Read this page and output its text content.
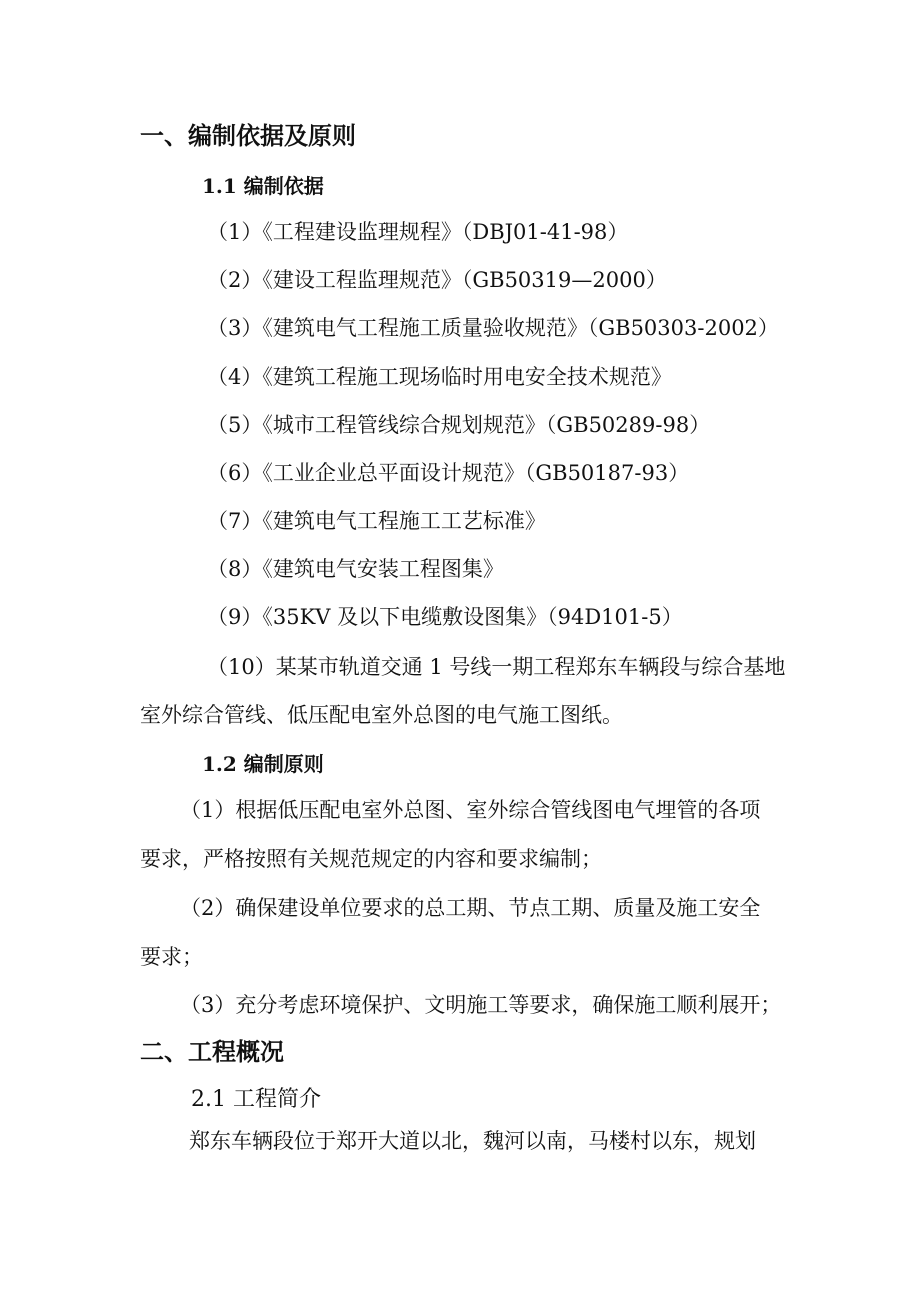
一、编制依据及原则
1.1 编制依据
（1）《工程建设监理规程》（DBJ01-41-98）
（2）《建设工程监理规范》（GB50319—2000）
（3）《建筑电气工程施工质量验收规范》（GB50303-2002）
（4）《建筑工程施工现场临时用电安全技术规范》
（5）《城市工程管线综合规划规范》（GB50289-98）
（6）《工业企业总平面设计规范》（GB50187-93）
（7）《建筑电气工程施工工艺标准》
（8）《建筑电气安装工程图集》
（9）《35KV 及以下电缆敷设图集》（94D101-5）
（10）某某市轨道交通 1 号线一期工程郑东车辆段与综合基地
室外综合管线、低压配电室外总图的电气施工图纸。
1.2 编制原则
（1）根据低压配电室外总图、室外综合管线图电气埋管的各项
要求，严格按照有关规范规定的内容和要求编制；
（2）确保建设单位要求的总工期、节点工期、质量及施工安全
要求；
（3）充分考虑环境保护、文明施工等要求，确保施工顺利展开；
二、工程概况
2.1 工程简介
郑东车辆段位于郑开大道以北，魏河以南，马楼村以东，规划
